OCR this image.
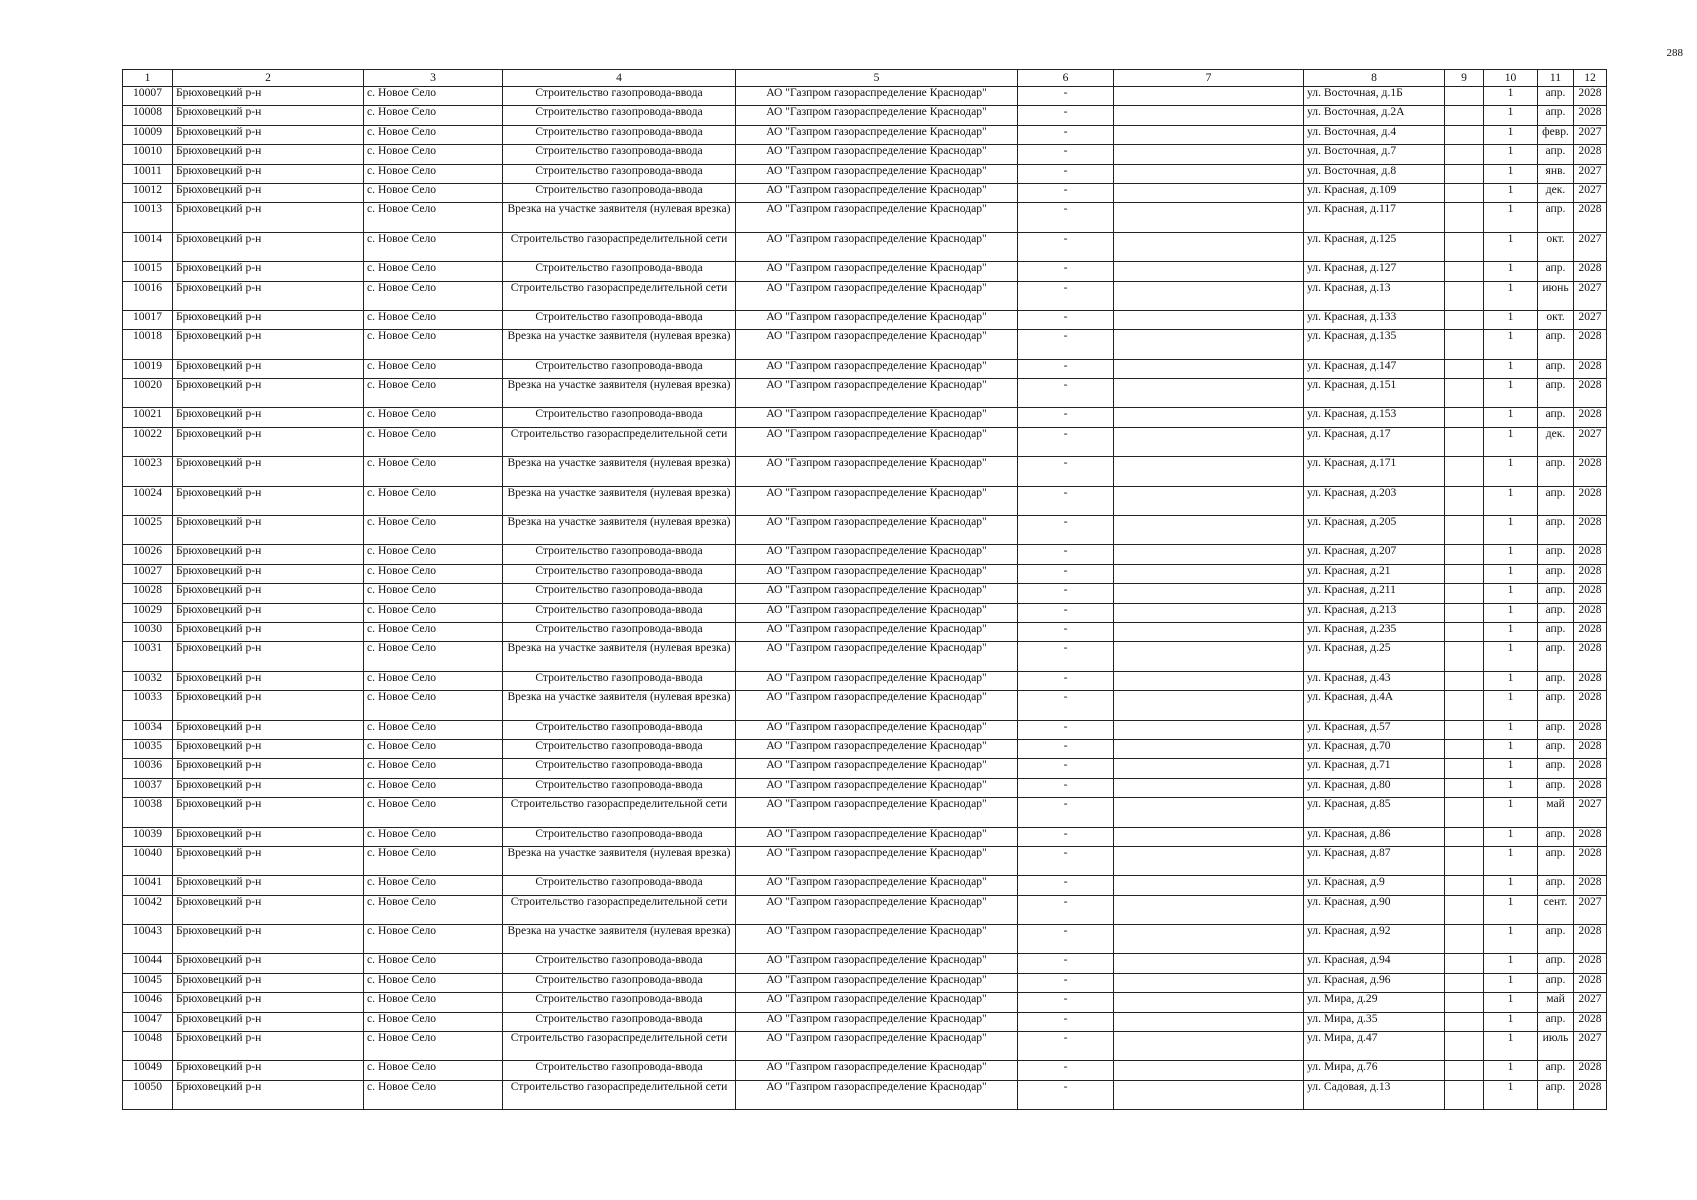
288
1	2	3	4	5	6	7	8	9	10	11	12
10007	Брюховецкий р-н	с. Новое Село	Строительство газопровода-ввода	АО "Газпром газораспределение Краснодар"	-		ул. Восточная, д.1Б		1	апр.	2028
10008	Брюховецкий р-н	с. Новое Село	Строительство газопровода-ввода	АО "Газпром газораспределение Краснодар"	-		ул. Восточная, д.2А		1	апр.	2028
10009	Брюховецкий р-н	с. Новое Село	Строительство газопровода-ввода	АО "Газпром газораспределение Краснодар"	-		ул. Восточная, д.4		1	февр.	2027
10010	Брюховецкий р-н	с. Новое Село	Строительство газопровода-ввода	АО "Газпром газораспределение Краснодар"	-		ул. Восточная, д.7		1	апр.	2028
10011	Брюховецкий р-н	с. Новое Село	Строительство газопровода-ввода	АО "Газпром газораспределение Краснодар"	-		ул. Восточная, д.8		1	янв.	2027
10012	Брюховецкий р-н	с. Новое Село	Строительство газопровода-ввода	АО "Газпром газораспределение Краснодар"	-		ул. Красная, д.109		1	дек.	2027
10013	Брюховецкий р-н	с. Новое Село	Врезка на участке заявителя (нулевая врезка)	АО "Газпром газораспределение Краснодар"	-		ул. Красная, д.117		1	апр.	2028
10014	Брюховецкий р-н	с. Новое Село	Строительство газораспределительной сети	АО "Газпром газораспределение Краснодар"	-		ул. Красная, д.125		1	окт.	2027
10015	Брюховецкий р-н	с. Новое Село	Строительство газопровода-ввода	АО "Газпром газораспределение Краснодар"	-		ул. Красная, д.127		1	апр.	2028
10016	Брюховецкий р-н	с. Новое Село	Строительство газораспределительной сети	АО "Газпром газораспределение Краснодар"	-		ул. Красная, д.13		1	июнь	2027
10017	Брюховецкий р-н	с. Новое Село	Строительство газопровода-ввода	АО "Газпром газораспределение Краснодар"	-		ул. Красная, д.133		1	окт.	2027
10018	Брюховецкий р-н	с. Новое Село	Врезка на участке заявителя (нулевая врезка)	АО "Газпром газораспределение Краснодар"	-		ул. Красная, д.135		1	апр.	2028
10019	Брюховецкий р-н	с. Новое Село	Строительство газопровода-ввода	АО "Газпром газораспределение Краснодар"	-		ул. Красная, д.147		1	апр.	2028
10020	Брюховецкий р-н	с. Новое Село	Врезка на участке заявителя (нулевая врезка)	АО "Газпром газораспределение Краснодар"	-		ул. Красная, д.151		1	апр.	2028
10021	Брюховецкий р-н	с. Новое Село	Строительство газопровода-ввода	АО "Газпром газораспределение Краснодар"	-		ул. Красная, д.153		1	апр.	2028
10022	Брюховецкий р-н	с. Новое Село	Строительство газораспределительной сети	АО "Газпром газораспределение Краснодар"	-		ул. Красная, д.17		1	дек.	2027
10023	Брюховецкий р-н	с. Новое Село	Врезка на участке заявителя (нулевая врезка)	АО "Газпром газораспределение Краснодар"	-		ул. Красная, д.171		1	апр.	2028
10024	Брюховецкий р-н	с. Новое Село	Врезка на участке заявителя (нулевая врезка)	АО "Газпром газораспределение Краснодар"	-		ул. Красная, д.203		1	апр.	2028
10025	Брюховецкий р-н	с. Новое Село	Врезка на участке заявителя (нулевая врезка)	АО "Газпром газораспределение Краснодар"	-		ул. Красная, д.205		1	апр.	2028
10026	Брюховецкий р-н	с. Новое Село	Строительство газопровода-ввода	АО "Газпром газораспределение Краснодар"	-		ул. Красная, д.207		1	апр.	2028
10027	Брюховецкий р-н	с. Новое Село	Строительство газопровода-ввода	АО "Газпром газораспределение Краснодар"	-		ул. Красная, д.21		1	апр.	2028
10028	Брюховецкий р-н	с. Новое Село	Строительство газопровода-ввода	АО "Газпром газораспределение Краснодар"	-		ул. Красная, д.211		1	апр.	2028
10029	Брюховецкий р-н	с. Новое Село	Строительство газопровода-ввода	АО "Газпром газораспределение Краснодар"	-		ул. Красная, д.213		1	апр.	2028
10030	Брюховецкий р-н	с. Новое Село	Строительство газопровода-ввода	АО "Газпром газораспределение Краснодар"	-		ул. Красная, д.235		1	апр.	2028
10031	Брюховецкий р-н	с. Новое Село	Врезка на участке заявителя (нулевая врезка)	АО "Газпром газораспределение Краснодар"	-		ул. Красная, д.25		1	апр.	2028
10032	Брюховецкий р-н	с. Новое Село	Строительство газопровода-ввода	АО "Газпром газораспределение Краснодар"	-		ул. Красная, д.43		1	апр.	2028
10033	Брюховецкий р-н	с. Новое Село	Врезка на участке заявителя (нулевая врезка)	АО "Газпром газораспределение Краснодар"	-		ул. Красная, д.4А		1	апр.	2028
10034	Брюховецкий р-н	с. Новое Село	Строительство газопровода-ввода	АО "Газпром газораспределение Краснодар"	-		ул. Красная, д.57		1	апр.	2028
10035	Брюховецкий р-н	с. Новое Село	Строительство газопровода-ввода	АО "Газпром газораспределение Краснодар"	-		ул. Красная, д.70		1	апр.	2028
10036	Брюховецкий р-н	с. Новое Село	Строительство газопровода-ввода	АО "Газпром газораспределение Краснодар"	-		ул. Красная, д.71		1	апр.	2028
10037	Брюховецкий р-н	с. Новое Село	Строительство газопровода-ввода	АО "Газпром газораспределение Краснодар"	-		ул. Красная, д.80		1	апр.	2028
10038	Брюховецкий р-н	с. Новое Село	Строительство газораспределительной сети	АО "Газпром газораспределение Краснодар"	-		ул. Красная, д.85		1	май	2027
10039	Брюховецкий р-н	с. Новое Село	Строительство газопровода-ввода	АО "Газпром газораспределение Краснодар"	-		ул. Красная, д.86		1	апр.	2028
10040	Брюховецкий р-н	с. Новое Село	Врезка на участке заявителя (нулевая врезка)	АО "Газпром газораспределение Краснодар"	-		ул. Красная, д.87		1	апр.	2028
10041	Брюховецкий р-н	с. Новое Село	Строительство газопровода-ввода	АО "Газпром газораспределение Краснодар"	-		ул. Красная, д.9		1	апр.	2028
10042	Брюховецкий р-н	с. Новое Село	Строительство газораспределительной сети	АО "Газпром газораспределение Краснодар"	-		ул. Красная, д.90		1	сент.	2027
10043	Брюховецкий р-н	с. Новое Село	Врезка на участке заявителя (нулевая врезка)	АО "Газпром газораспределение Краснодар"	-		ул. Красная, д.92		1	апр.	2028
10044	Брюховецкий р-н	с. Новое Село	Строительство газопровода-ввода	АО "Газпром газораспределение Краснодар"	-		ул. Красная, д.94		1	апр.	2028
10045	Брюховецкий р-н	с. Новое Село	Строительство газопровода-ввода	АО "Газпром газораспределение Краснодар"	-		ул. Красная, д.96		1	апр.	2028
10046	Брюховецкий р-н	с. Новое Село	Строительство газопровода-ввода	АО "Газпром газораспределение Краснодар"	-		ул. Мира, д.29		1	май	2027
10047	Брюховецкий р-н	с. Новое Село	Строительство газопровода-ввода	АО "Газпром газораспределение Краснодар"	-		ул. Мира, д.35		1	апр.	2028
10048	Брюховецкий р-н	с. Новое Село	Строительство газораспределительной сети	АО "Газпром газораспределение Краснодар"	-		ул. Мира, д.47		1	июль	2027
10049	Брюховецкий р-н	с. Новое Село	Строительство газопровода-ввода	АО "Газпром газораспределение Краснодар"	-		ул. Мира, д.76		1	апр.	2028
10050	Брюховецкий р-н	с. Новое Село	Строительство газораспределительной сети	АО "Газпром газораспределение Краснодар"	-		ул. Садовая, д.13		1	апр.	2028
